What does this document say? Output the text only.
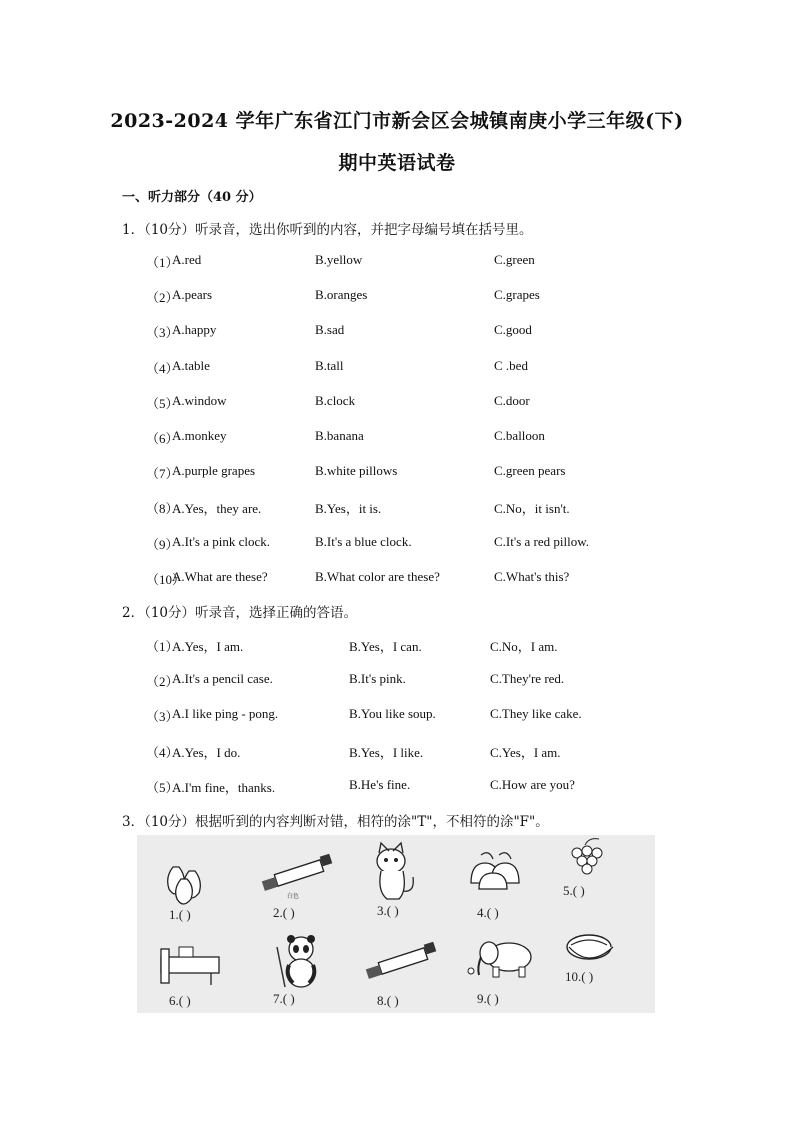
2023-2024 学年广东省江门市新会区会城镇南庚小学三年级(下)
期中英语试卷
一、听力部分（40 分）
1．（10分）听录音，选出你听到的内容，并把字母编号填在括号里。
（1）
A.red	B.yellow	C.green
（2）
A.pears	B.oranges	C.grapes
（3）
A.happy	B.sad	C.good
（4）
A.table	B.tall	C .bed
（5）
A.window	B.clock	C.door
（6）
A.monkey	B.banana	C.balloon
（7）
A.purple grapes	B.white pillows	C.green pears
（8）
A.Yes，they are.	B.Yes，it is.	C.No，it isn't.
（9）
A.It's a pink clock.	B.It's a blue clock.	C.It's a red pillow.
（10）
A.What are these?	B.What color are these?	C.What's this?
2．（10分）听录音，选择正确的答语。
（1）
A.Yes，I am.	B.Yes，I can.	C.No，I am.
（2）
A.It's a pencil case.	B.It's pink.	C.They're red.
（3）
A.I like ping - pong.	B.You like soup.	C.They like cake.
（4）
A.Yes，I do.	B.Yes，I like.	C.Yes，I am.
（5）
A.I'm fine，thanks.	B.He's fine.	C.How are you?
3．（10分）根据听到的内容判断对错，相符的涂"T"，不相符的涂"F"。
1.( )
白色
2.( )	3.( )	4.( )
5.( )
6.( )	7.( )	8.( )	9.( )
10.( )
